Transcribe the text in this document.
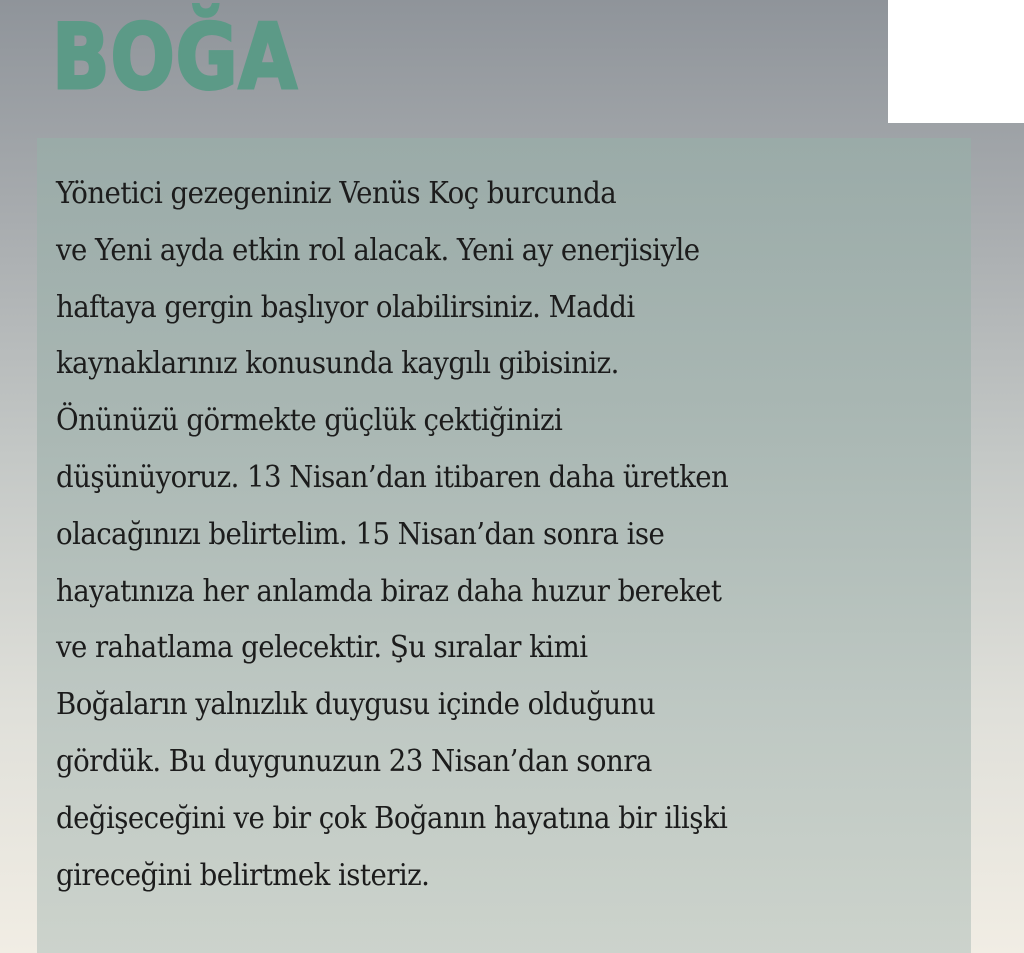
BOĞA
Yönetici gezegeniniz Venüs Koç burcunda
ve Yeni ayda etkin rol alacak. Yeni ay enerjisiyle
haftaya gergin başlıyor olabilirsiniz. Maddi
kaynaklarınız konusunda kaygılı gibisiniz.
Önünüzü görmekte güçlük çektiğinizi
düşünüyoruz. 13 Nisan’dan itibaren daha üretken
olacağınızı belirtelim. 15 Nisan’dan sonra ise
hayatınıza her anlamda biraz daha huzur bereket
ve rahatlama gelecektir. Şu sıralar kimi
Boğaların yalnızlık duygusu içinde olduğunu
gördük. Bu duygunuzun 23 Nisan’dan sonra
değişeceğini ve bir çok Boğanın hayatına bir ilişki
gireceğini belirtmek isteriz.
